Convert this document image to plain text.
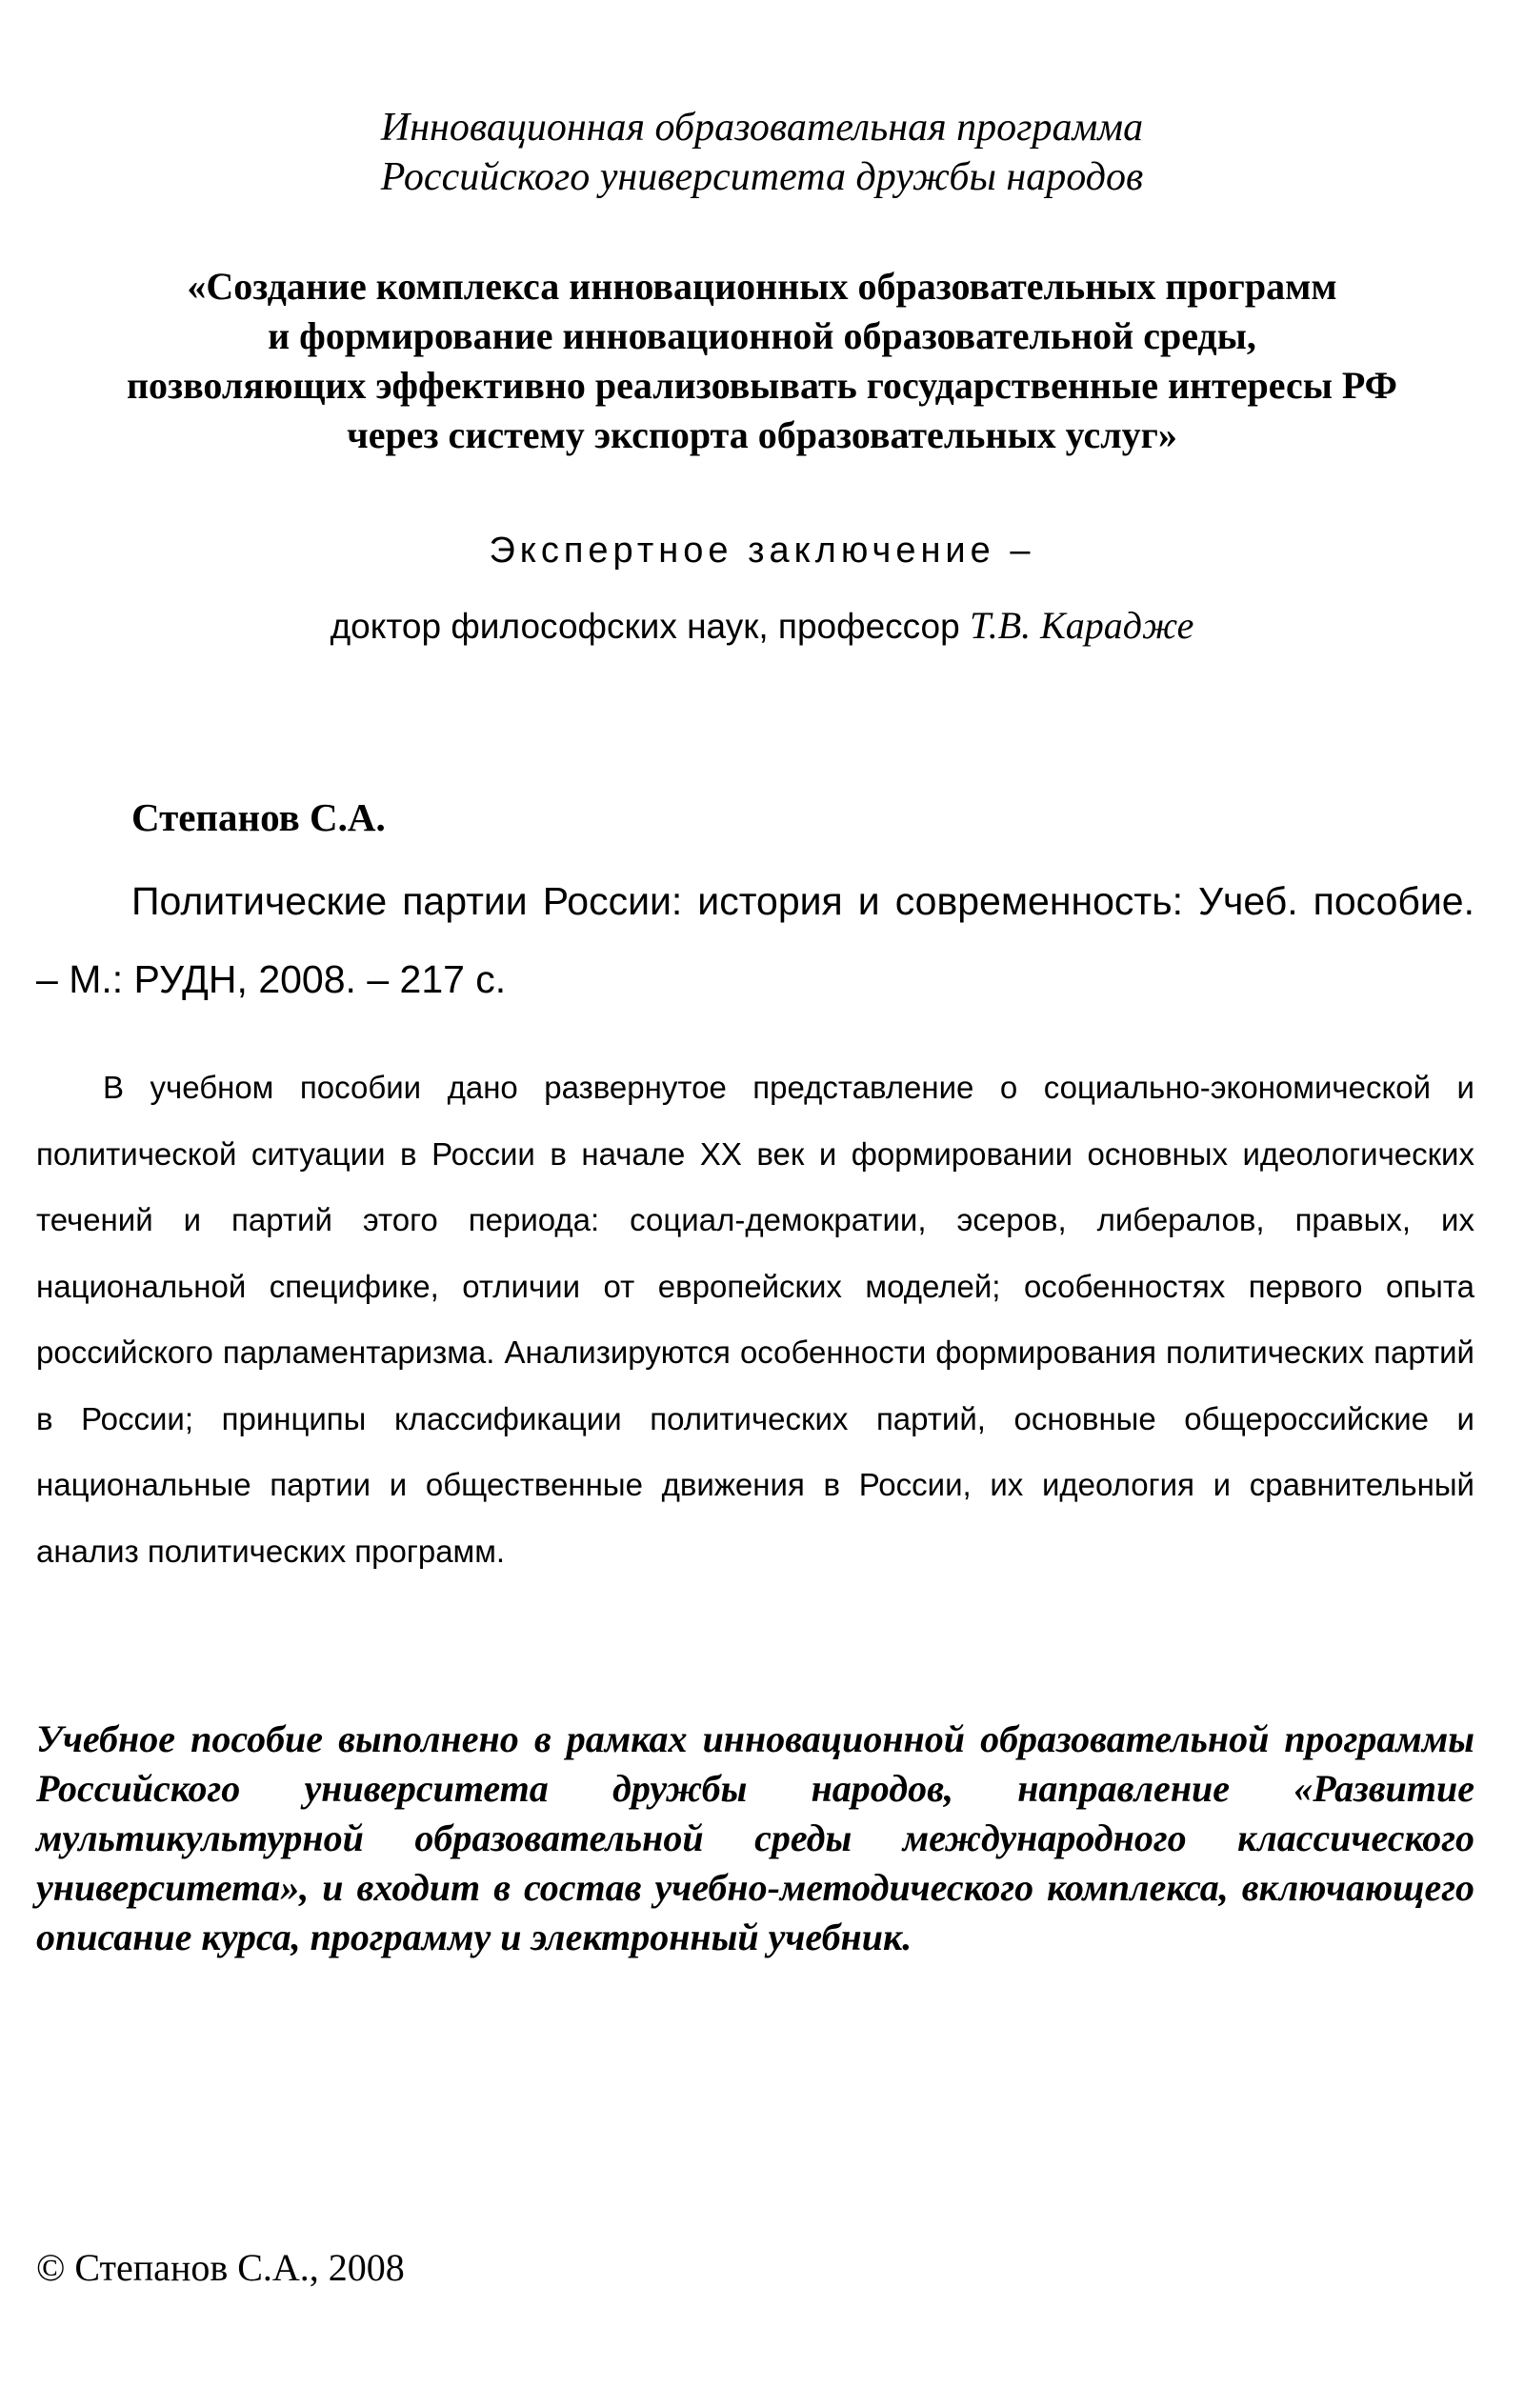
Инновационная образовательная программа
Российского университета дружбы народов
«Создание комплекса инновационных образовательных программ
и формирование инновационной образовательной среды,
позволяющих эффективно реализовывать государственные интересы РФ
через систему экспорта образовательных услуг»
Экспертное заключение –
доктор философских наук, профессор Т.В. Карадже
Степанов С.А.
Политические партии России: история и современность: Учеб. пособие. – М.: РУДН, 2008. – 217 с.
В учебном пособии дано развернутое представление о социально-экономической и политической ситуации в России в начале XX век и формировании основных идеологических течений и партий этого периода: социал-демократии, эсеров, либералов, правых, их национальной специфике, отличии от европейских моделей; особенностях первого опыта российского парламентаризма. Анализируются особенности формирования политических партий в России; принципы классификации политических партий, основные общероссийские и национальные партии и общественные движения в России, их идеология и сравнительный анализ политических программ.
Учебное пособие выполнено в рамках инновационной образовательной программы Российского университета дружбы народов, направление «Развитие мультикультурной образовательной среды международного классического университета», и входит в состав учебно-методического комплекса, включающего описание курса, программу и электронный учебник.
© Степанов С.А., 2008
